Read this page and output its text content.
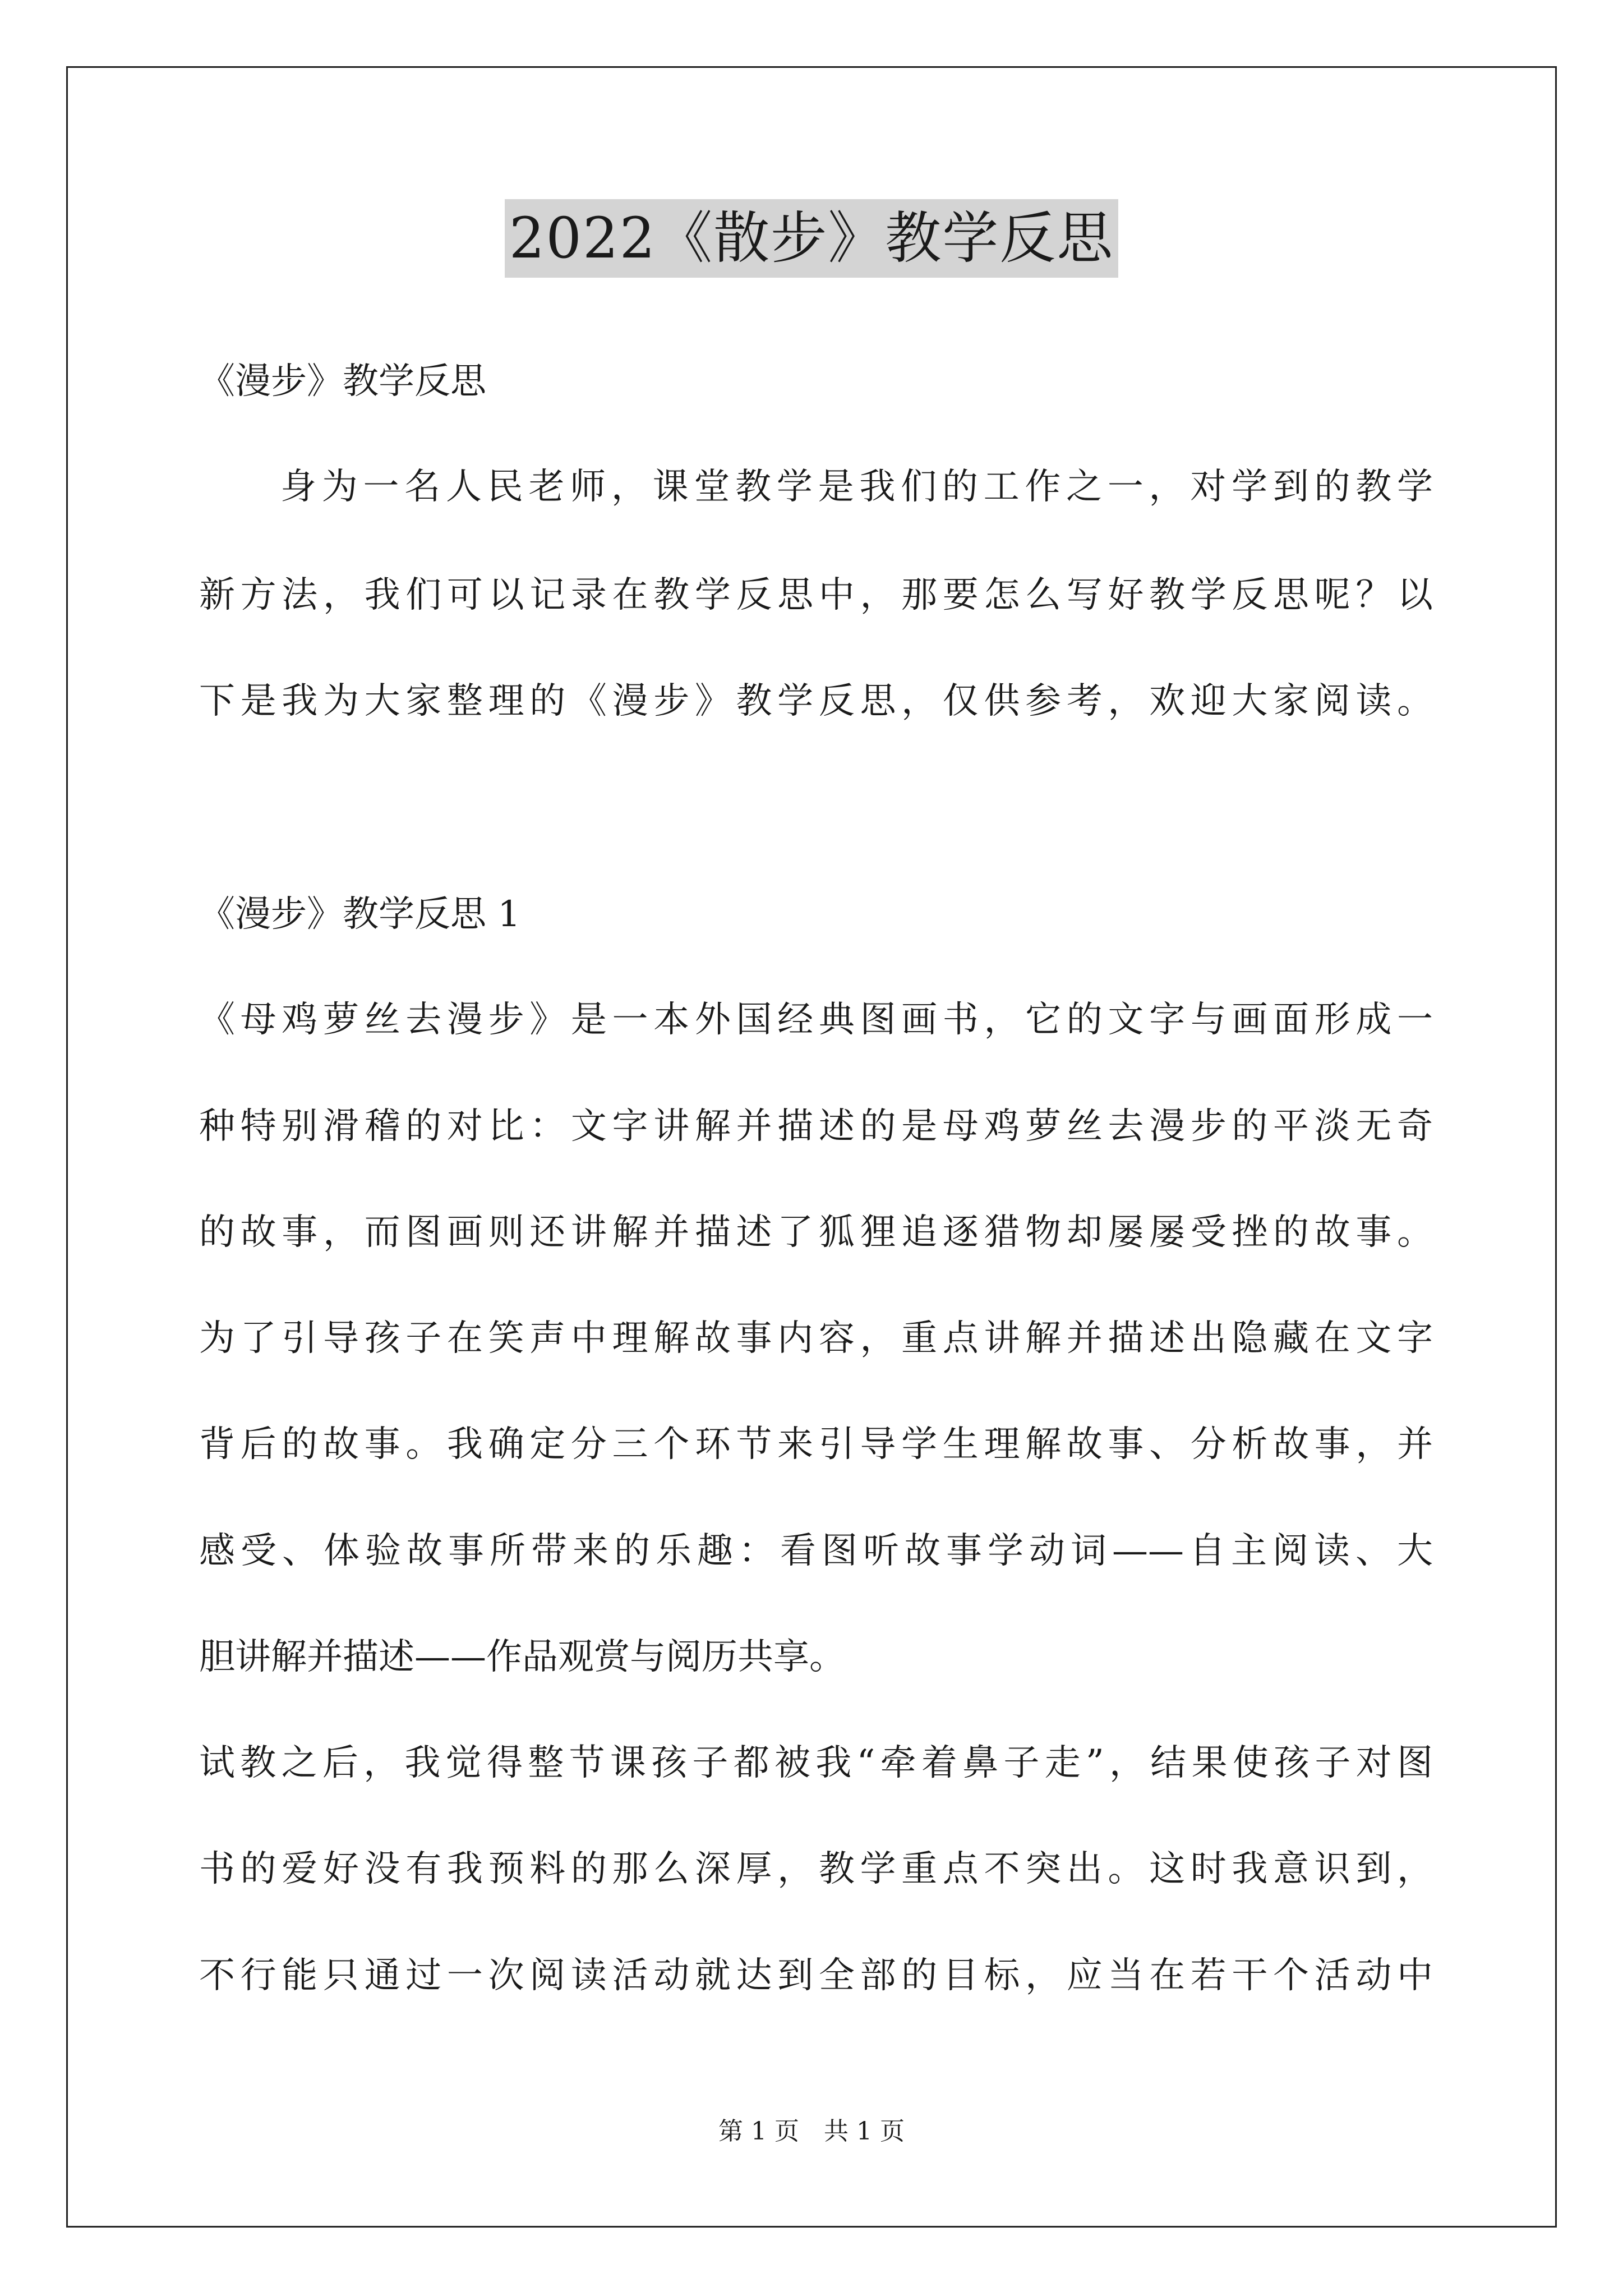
2022《散步》教学反思
《漫步》教学反思
身为一名人民老师，课堂教学是我们的工作之一，对学到的教学
新方法，我们可以记录在教学反思中，那要怎么写好教学反思呢？以
下是我为大家整理的《漫步》教学反思，仅供参考，欢迎大家阅读。
《漫步》教学反思 1
《母鸡萝丝去漫步》是一本外国经典图画书，它的文字与画面形成一
种特别滑稽的对比：文字讲解并描述的是母鸡萝丝去漫步的平淡无奇
的故事，而图画则还讲解并描述了狐狸追逐猎物却屡屡受挫的故事。
为了引导孩子在笑声中理解故事内容，重点讲解并描述出隐藏在文字
背后的故事。我确定分三个环节来引导学生理解故事、分析故事，并
感受、体验故事所带来的乐趣：看图听故事学动词——自主阅读、大
胆讲解并描述——作品观赏与阅历共享。
试教之后，我觉得整节课孩子都被我“牵着鼻子走”，结果使孩子对图
书的爱好没有我预料的那么深厚，教学重点不突出。这时我意识到，
不行能只通过一次阅读活动就达到全部的目标，应当在若干个活动中
第 1 页　共 1 页
